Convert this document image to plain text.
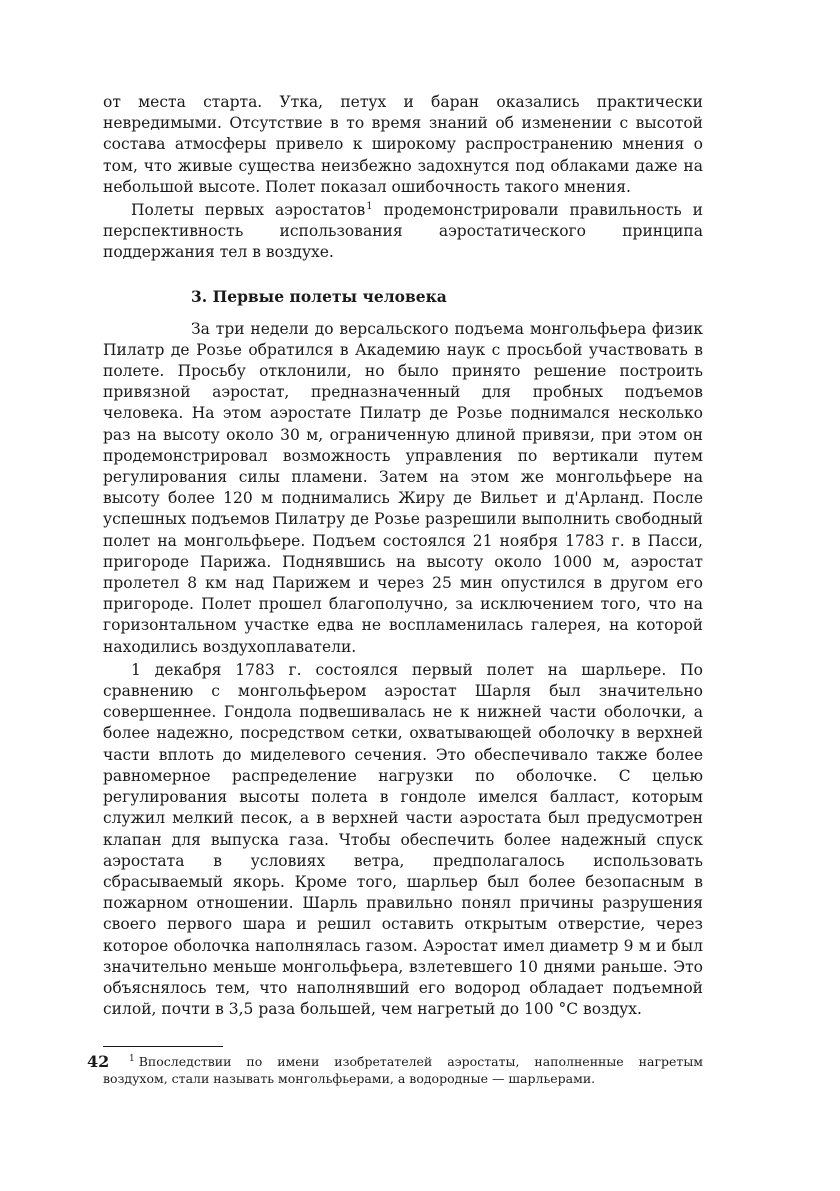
от места старта. Утка, петух и баран оказались практически невредимыми. Отсутствие в то время знаний об изменении с высотой состава атмосферы привело к широкому распространению мнения о том, что живые существа неизбежно задохнутся под облаками даже на небольшой высоте. Полет показал ошибочность такого мнения.

Полеты первых аэростатов$^1$ продемонстрировали правильность и перспективность использования аэростатического принципа поддержания тел в воздухе.

3. Первые полеты человека

За три недели до версальского подъема монгольфьера физик Пилатр де Розье обратился в Академию наук с просьбой участвовать в полете. Просьбу отклонили, но было принято решение построить привязной аэростат, предназначенный для пробных подъемов человека. На этом аэростате Пилатр де Розье поднимался несколько раз на высоту около 30 м, ограниченную длиной привязи, при этом он продемонстрировал возможность управления по вертикали путем регулирования силы пламени. Затем на этом же монгольфьере на высоту более 120 м поднимались Жиру де Вильет и д'Арланд. После успешных подъемов Пилатру де Розье разрешили выполнить свободный полет на монгольфьере. Подъем состоялся 21 ноября 1783 г. в Пасси, пригороде Парижа. Поднявшись на высоту около 1000 м, аэростат пролетел 8 км над Парижем и через 25 мин опустился в другом его пригороде. Полет прошел благополучно, за исключением того, что на горизонтальном участке едва не воспламенилась галерея, на которой находились воздухоплаватели.

1 декабря 1783 г. состоялся первый полет на шарльере. По сравнению с монгольфьером аэростат Шарля был значительно совершеннее. Гондола подвешивалась не к нижней части оболочки, а более надежно, посредством сетки, охватывающей оболочку в верхней части вплоть до миделевого сечения. Это обеспечивало также более равномерное распределение нагрузки по оболочке. С целью регулирования высоты полета в гондоле имелся балласт, которым служил мелкий песок, а в верхней части аэростата был предусмотрен клапан для выпуска газа. Чтобы обеспечить более надежный спуск аэростата в условиях ветра, предполагалось использовать сбрасываемый якорь. Кроме того, шарльер был более безопасным в пожарном отношении. Шарль правильно понял причины разрушения своего первого шара и решил оставить открытым отверстие, через которое оболочка наполнялась газом. Аэростат имел диаметр 9 м и был значительно меньше монгольфьера, взлетевшего 10 днями раньше. Это объяснялось тем, что наполнявший его водород обладает подъемной силой, почти в 3,5 раза большей, чем нагретый до 100 °С воздух.

$^1$ Впоследствии по имени изобретателей аэростаты, наполненные нагретым воздухом, стали называть монгольфьерами, а водородные — шарльерами.

42
